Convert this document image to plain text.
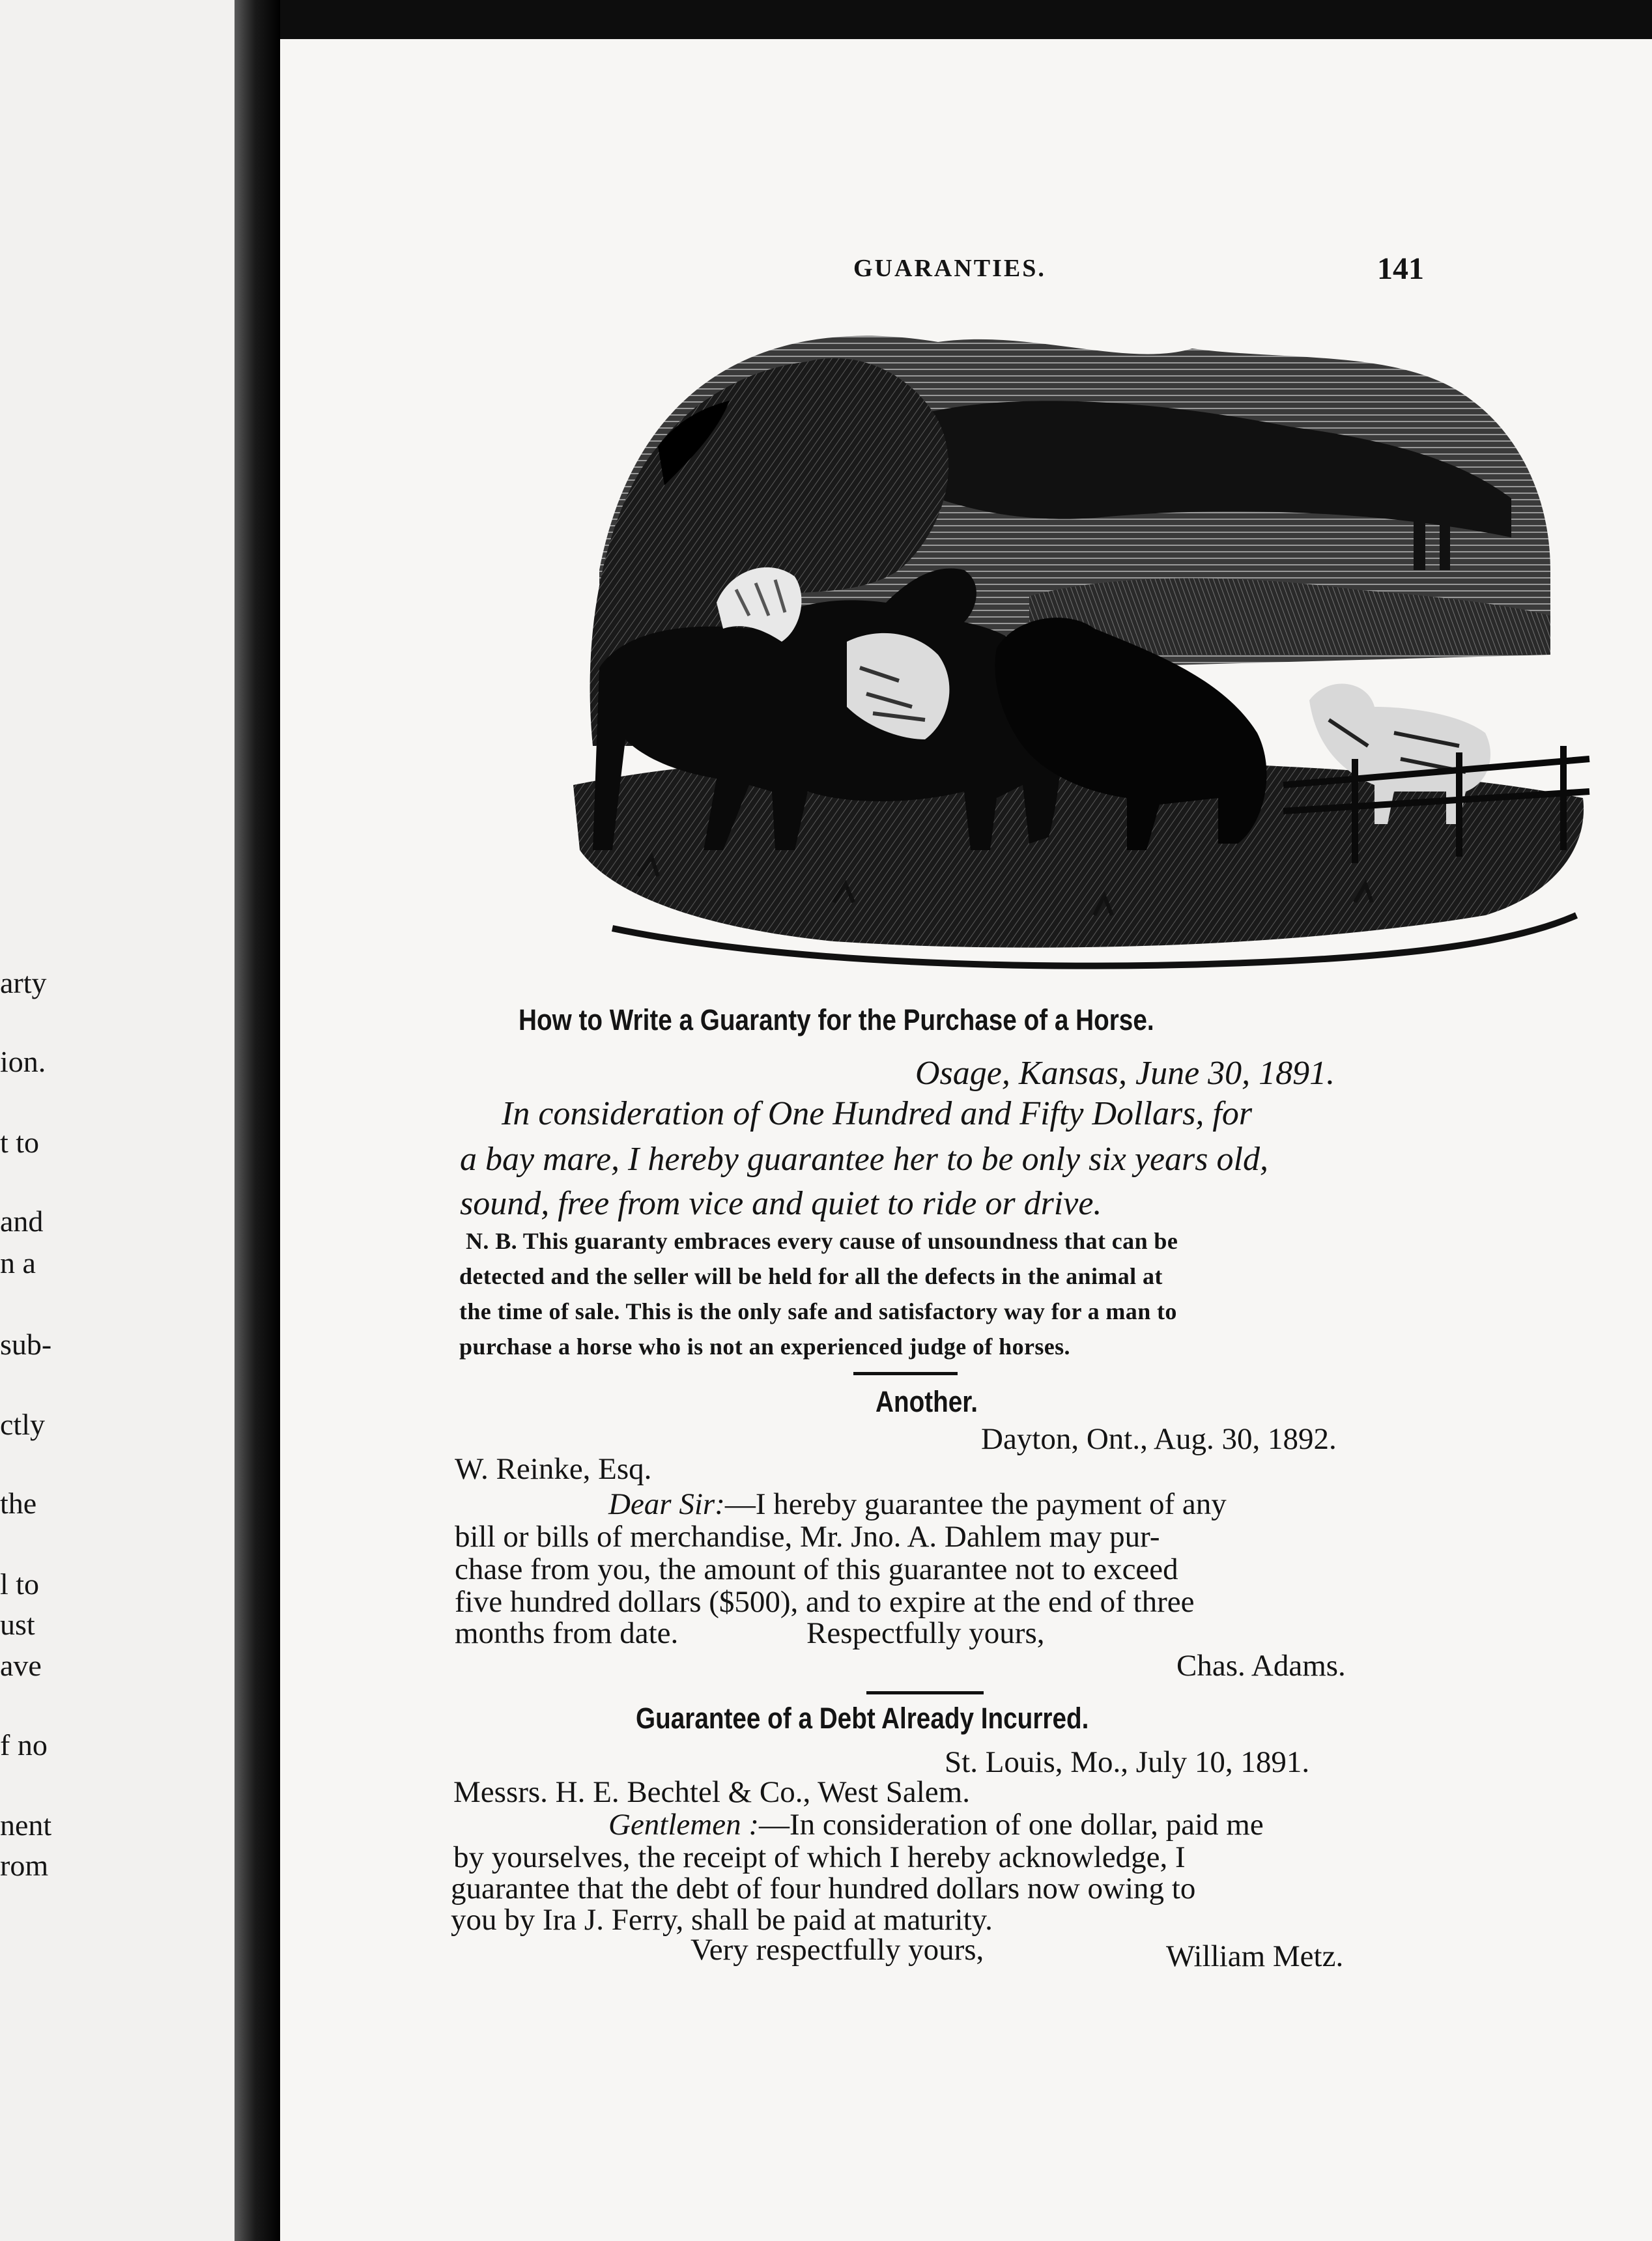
arty
ion.
t to
and
n a
sub-
ctly
the
l to
ust
ave
f no
nent
rom
GUARANTIES.	141
How to Write a Guaranty for the Purchase of a Horse.
Osage, Kansas, June 30, 1891.
In consideration of One Hundred and Fifty Dollars, for
a bay mare, I hereby guarantee her to be only six years old,
sound, free from vice and quiet to ride or drive.
N. B. This guaranty embraces every cause of unsoundness that can be
detected and the seller will be held for all the defects in the animal at
the time of sale. This is the only safe and satisfactory way for a man to
purchase a horse who is not an experienced judge of horses.
Another.
Dayton, Ont., Aug. 30, 1892.
W. Reinke, Esq.
Dear Sir:—I hereby guarantee the payment of any
bill or bills of merchandise, Mr. Jno. A. Dahlem may pur-
chase from you, the amount of this guarantee not to exceed
five hundred dollars ($500), and to expire at the end of three
months from date.	Respectfully yours,
Chas. Adams.
Guarantee of a Debt Already Incurred.
St. Louis, Mo., July 10, 1891.
Messrs. H. E. Bechtel & Co., West Salem.
Gentlemen :—In consideration of one dollar, paid me
by yourselves, the receipt of which I hereby acknowledge, I
guarantee that the debt of four hundred dollars now owing to
you by Ira J. Ferry, shall be paid at maturity.
Very respectfully yours,	William Metz.
